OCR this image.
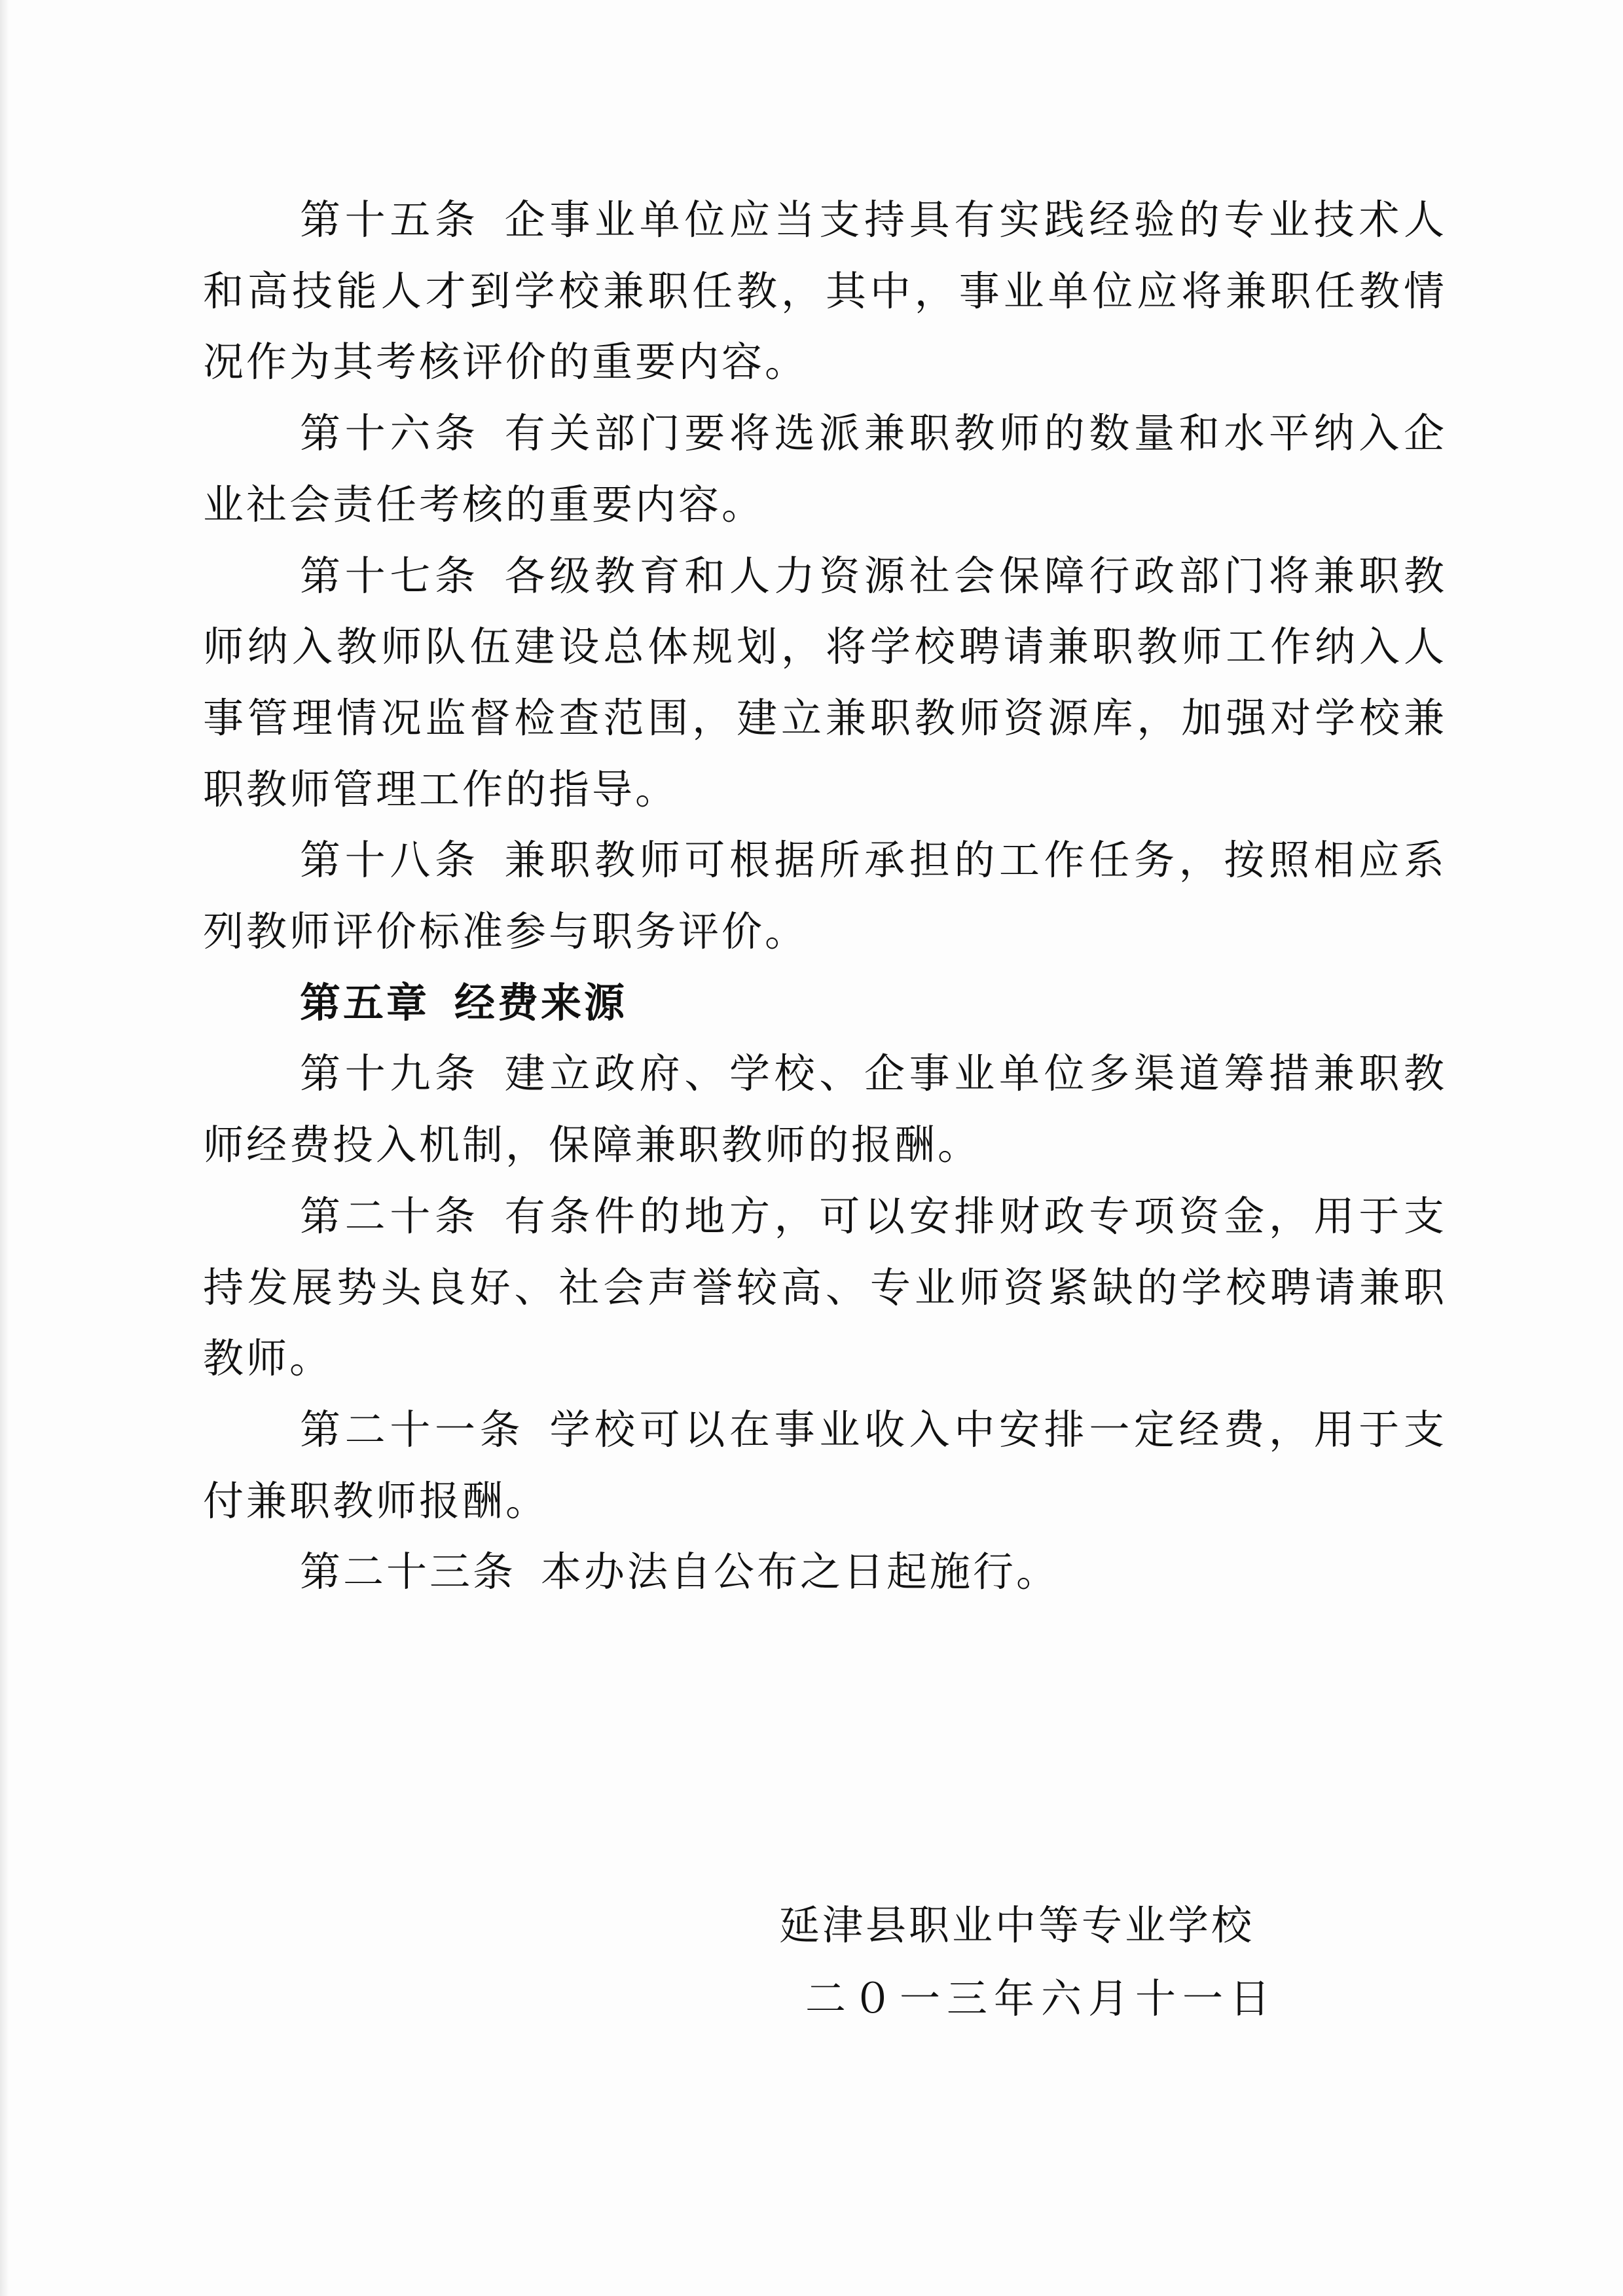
第十五条 企事业单位应当支持具有实践经验的专业技术人和高技能人才到学校兼职任教，其中，事业单位应将兼职任教情况作为其考核评价的重要内容。

第十六条 有关部门要将选派兼职教师的数量和水平纳入企业社会责任考核的重要内容。

第十七条 各级教育和人力资源社会保障行政部门将兼职教师纳入教师队伍建设总体规划，将学校聘请兼职教师工作纳入人事管理情况监督检查范围，建立兼职教师资源库，加强对学校兼职教师管理工作的指导。

第十八条 兼职教师可根据所承担的工作任务，按照相应系列教师评价标准参与职务评价。

第五章 经费来源

第十九条 建立政府、学校、企事业单位多渠道筹措兼职教师经费投入机制，保障兼职教师的报酬。

第二十条 有条件的地方，可以安排财政专项资金，用于支持发展势头良好、社会声誉较高、专业师资紧缺的学校聘请兼职教师。

第二十一条 学校可以在事业收入中安排一定经费，用于支付兼职教师报酬。

第二十三条 本办法自公布之日起施行。

延津县职业中等专业学校
二０一三年六月十一日
